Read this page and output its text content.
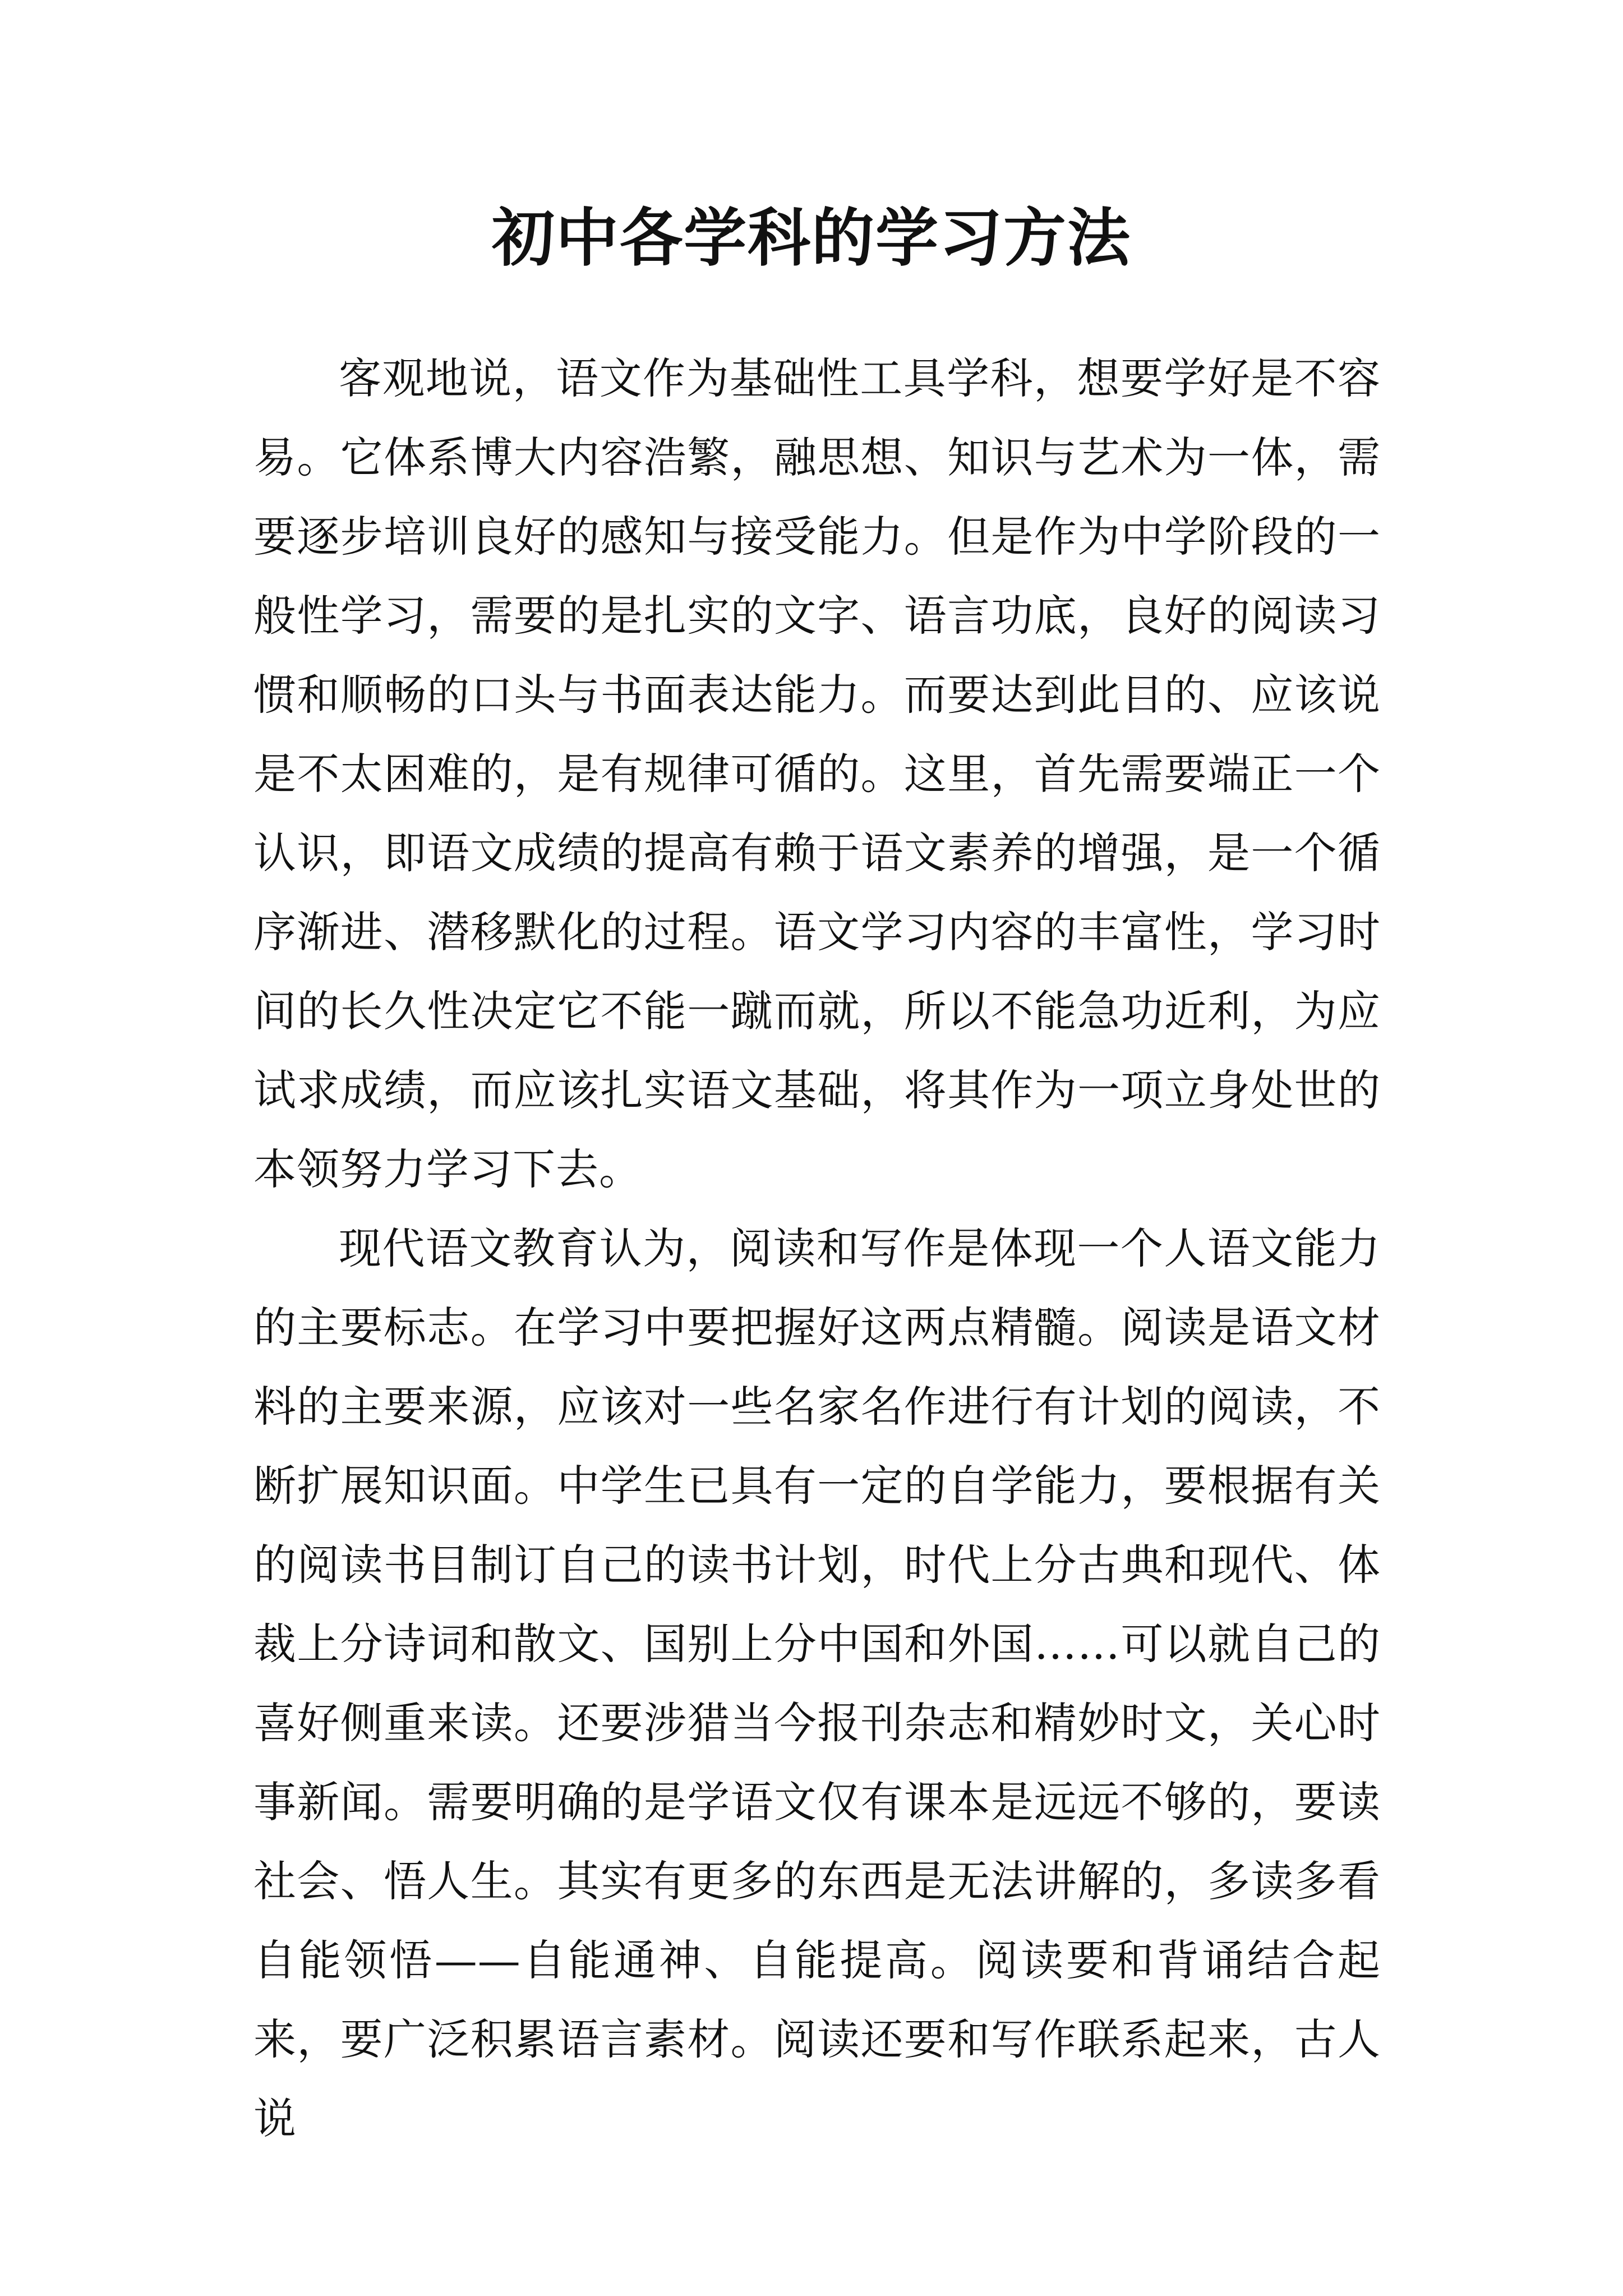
初中各学科的学习方法

客观地说，语文作为基础性工具学科，想要学好是不容易。它体系博大内容浩繁，融思想、知识与艺术为一体，需要逐步培训良好的感知与接受能力。但是作为中学阶段的一般性学习，需要的是扎实的文字、语言功底，良好的阅读习惯和顺畅的口头与书面表达能力。而要达到此目的、应该说是不太困难的，是有规律可循的。这里，首先需要端正一个认识，即语文成绩的提高有赖于语文素养的增强，是一个循序渐进、潜移默化的过程。语文学习内容的丰富性，学习时间的长久性决定它不能一蹴而就，所以不能急功近利，为应试求成绩，而应该扎实语文基础，将其作为一项立身处世的本领努力学习下去。

现代语文教育认为，阅读和写作是体现一个人语文能力的主要标志。在学习中要把握好这两点精髓。阅读是语文材料的主要来源，应该对一些名家名作进行有计划的阅读，不断扩展知识面。中学生已具有一定的自学能力，要根据有关的阅读书目制订自己的读书计划，时代上分古典和现代、体裁上分诗词和散文、国别上分中国和外国……可以就自己的喜好侧重来读。还要涉猎当今报刊杂志和精妙时文，关心时事新闻。需要明确的是学语文仅有课本是远远不够的，要读社会、悟人生。其实有更多的东西是无法讲解的，多读多看自能领悟——自能通神、自能提高。阅读要和背诵结合起来，要广泛积累语言素材。阅读还要和写作联系起来，古人说
